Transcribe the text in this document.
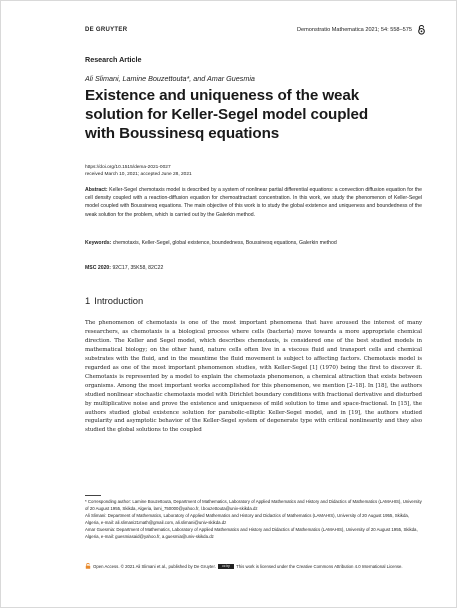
DE GRUYTER	Demonstratio Mathematica 2021; 54: 558–575
Research Article
Ali Slimani, Lamine Bouzettouta*, and Amar Guesmia
Existence and uniqueness of the weak
solution for Keller-Segel model coupled
with Boussinesq equations
https://doi.org/10.1515/dema-2021-0027
received March 10, 2021; accepted June 28, 2021
Abstract: Keller-Segel chemotaxis model is described by a system of nonlinear partial differential equations: a convection diffusion equation for the cell density coupled with a reaction-diffusion equation for chemoattractant concentration. In this work, we study the phenomenon of Keller-Segel model coupled with Boussinesq equations. The main objective of this work is to study the global existence and uniqueness and boundedness of the weak solution for the problem, which is carried out by the Galerkin method.
Keywords: chemotaxis, Keller-Segel, global existence, boundedness, Boussinesq equations, Galerkin method
MSC 2020: 92C17, 35K58, 82C22
1 Introduction
The phenomenon of chemotaxis is one of the most important phenomena that have aroused the interest of many researchers, as chemotaxis is a biological process where cells (bacteria) move towards a more appropriate chemical direction. The Keller and Segel model, which describes chemotaxis, is considered one of the best studied models in mathematical biology; on the other hand, nature cells often live in a viscous fluid and transport cells and chemical substrates with the fluid, and in the meantime the fluid movement is subject to affecting factors. Chemotaxis model is regarded as one of the most important phenomenon studies, with Keller-Segel [1] (1970) being the first to discover it. Chemotaxis is represented by a model to explain the chemotaxis phenomenon, a chemical attraction that exists between organisms. Among the most important works accomplished for this phenomenon, we mention [2–18]. In [18], the authors studied nonlinear stochastic chemotaxis model with Dirichlet boundary conditions with fractional derivative and disturbed by multiplicative noise and prove the existence and uniqueness of mild solution to time and space-fractional. In [15], the authors studied global existence solution for parabolic-elliptic Keller-Segel model, and in [19], the authors studied regularity and asymptotic behavior of the Keller-Segel system of degenerate type with critical nonlinearity and they also studied the global solutions to the coupled

* Corresponding author: Lamine Bouzettouta, Department of Mathematics, Laboratory of Applied Mathematics and History and Didactics of Mathematics (LAMAHIS), University of 20 August 1955, Skikda, Algeria, lami_750000@yahoo.fr, l.bouzettouta@univ-skikda.dz

Ali Slimani: Department of Mathematics, Laboratory of Applied Mathematics and History and Didactics of Mathematics (LAMAHIS), University of 20 August 1955, Skikda, Algeria, e-mail: ali.slimani21math@gmail.com, ali.slimani@univ-skikda.dz

Amar Guesmia: Department of Mathematics, Laboratory of Applied Mathematics and History and Didactics of Mathematics (LAMAHIS), University of 20 August 1955, Skikda, Algeria, e-mail: guesmiasaid@yahoo.fr, a.guesmia@univ-skikda.dz

Open Access. © 2021 Ali Slimani et al., published by De Gruyter. cc by This work is licensed under the Creative Commons Attribution 4.0 International License.
